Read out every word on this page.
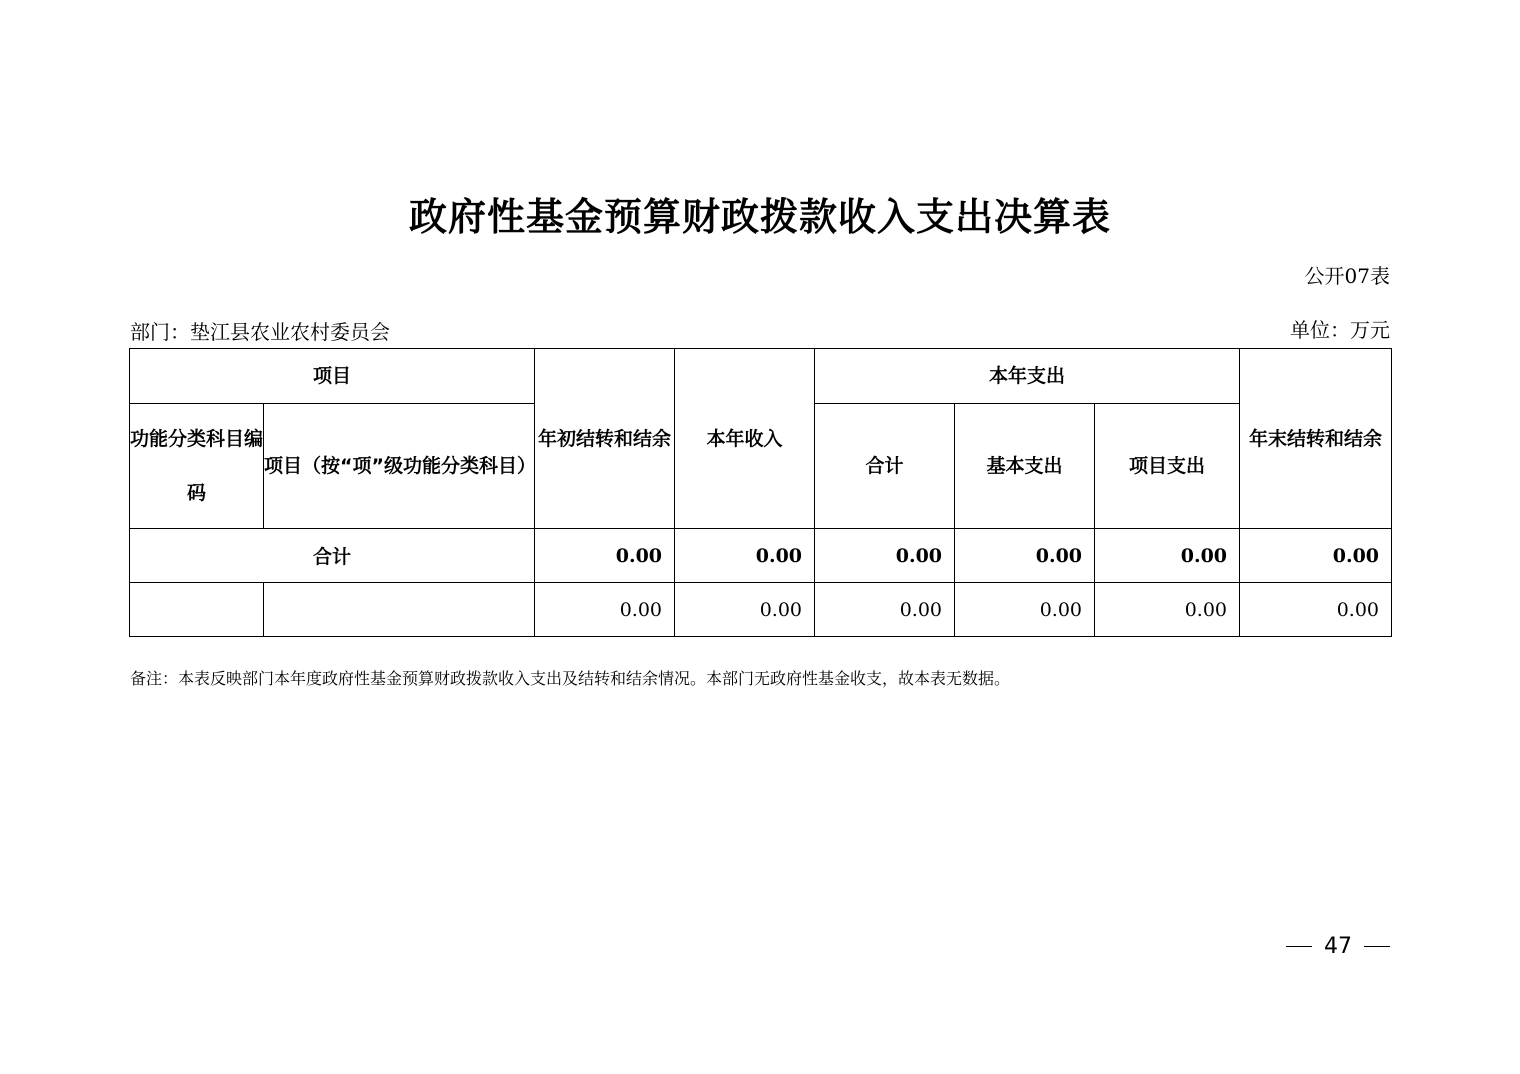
政府性基金预算财政拨款收入支出决算表
公开07表
部门：垫江县农业农村委员会	单位：万元
项目		年初结转和结余	本年收入	本年支出			年末结转和结余
功能分类科目编码	项目（按“项”级功能分类科目）			合计	基本支出	项目支出	
合计		0.00	0.00	0.00	0.00	0.00	0.00
		0.00	0.00	0.00	0.00	0.00	0.00
备注：本表反映部门本年度政府性基金预算财政拨款收入支出及结转和结余情况。本部门无政府性基金收支，故本表无数据。
47
